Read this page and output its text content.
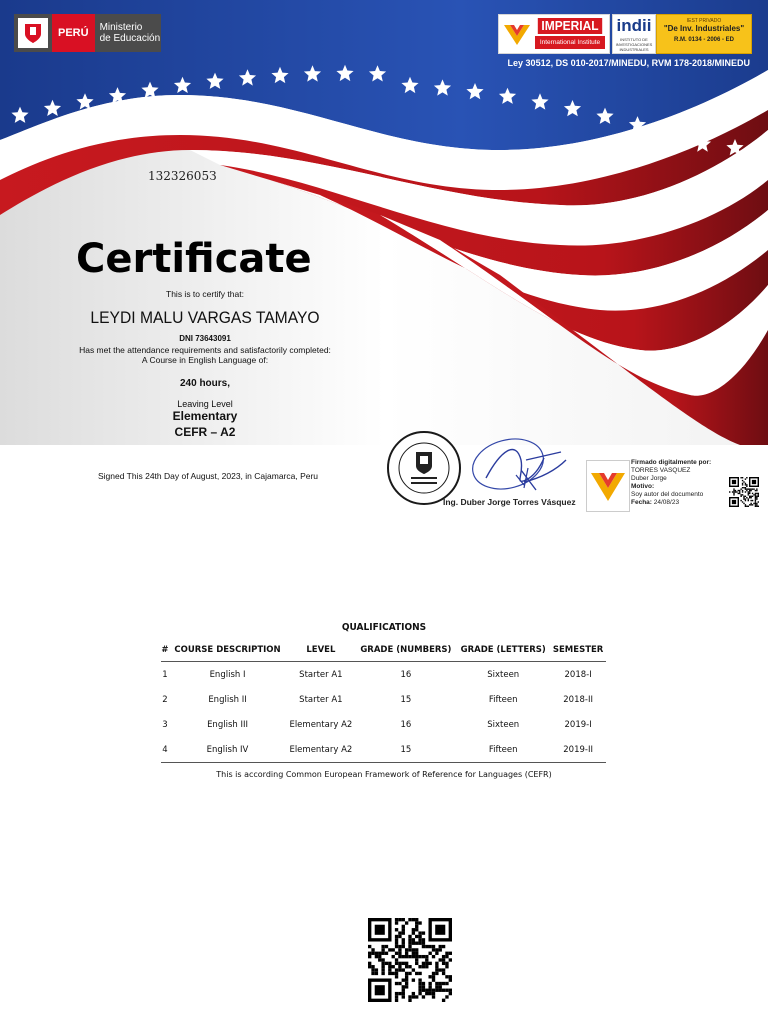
PERÚ	Ministerio
de Educación
IMPERIAL
International Institute
indii
INSTITUTO DE INVESTIGACIONES INDUSTRIALES
IEST PRIVADO
"De Inv. Industriales"
R.M. 0134 - 2006 - ED
Ley 30512, DS 010-2017/MINEDU, RVM 178-2018/MINEDU
13232605З
Certificate
This is to certify that:
LEYDI MALU VARGAS TAMAYO
DNI 73643091
Has met the attendance requirements and satisfactorily completed:
A Course in English Language of:
240 hours,
Leaving Level
Elementary
CEFR – A2
Signed This 24th Day of August, 2023, in Cajamarca, Peru
Ing. Duber Jorge Torres Vásquez
Firmado digitalmente por:
TORRES VASQUEZ
Duber Jorge
Motivo:
Soy autor del documento
Fecha: 24/08/23
QUALIFICATIONS
#	COURSE DESCRIPTION	LEVEL	GRADE (NUMBERS)	GRADE (LETTERS)	SEMESTER
1	English I	Starter A1	16	Sixteen	2018-I
2	English II	Starter A1	15	Fifteen	2018-II
3	English III	Elementary A2	16	Sixteen	2019-I
4	English IV	Elementary A2	15	Fifteen	2019-II
This is according Common European Framework of Reference for Languages (CEFR)
